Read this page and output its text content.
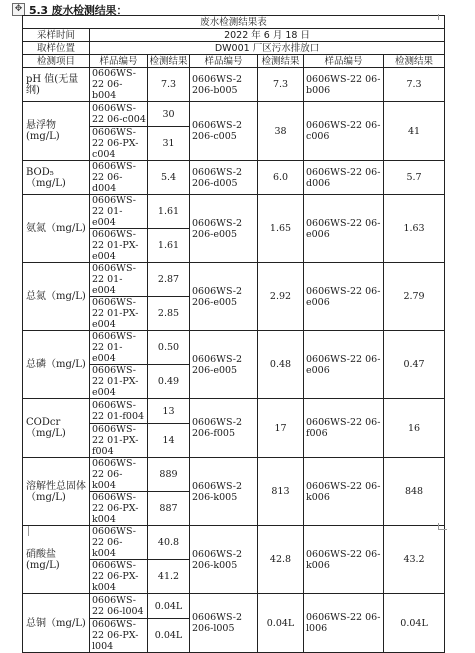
✥ 5.3 废水检测结果：
废水检测结果表						
采样时间	2022 年 6 月 18 日					
取样位置	DW001 厂区污水排放口					
检测项目	样品编号	检测结果	样品编号	检测结果	样品编号	检测结果
pH 值(无量纲)	0606WS-22 06-b004	7.3	0606WS-2 206-b005	7.3	0606WS-22 06-b006	7.3
悬浮物(mg/L)	0606WS-22 06-c004	30	0606WS-2 206-c005	38	0606WS-22 06-c006	41
	0606WS-22 06-PX-c004	31				
BOD₅（mg/L)	0606WS-22 06-d004	5.4	0606WS-2 206-d005	6.0	0606WS-22 06-d006	5.7
氨氮（mg/L)	0606WS-22 01-e004	1.61	0606WS-2 206-e005	1.65	0606WS-22 06-e006	1.63
	0606WS-22 01-PX-e004	1.61				
总氮（mg/L)	0606WS-22 01-e004	2.87	0606WS-2 206-e005	2.92	0606WS-22 06-e006	2.79
	0606WS-22 01-PX-e004	2.85				
总磷（mg/L)	0606WS-22 01-e004	0.50	0606WS-2 206-e005	0.48	0606WS-22 06-e006	0.47
	0606WS-22 01-PX-e004	0.49				
CODcr（mg/L)	0606WS-22 01-f004	13	0606WS-2 206-f005	17	0606WS-22 06-f006	16
	0606WS-22 01-PX-f004	14				
溶解性总固体（mg/L)	0606WS-22 06-k004	889	0606WS-2 206-k005	813	0606WS-22 06-k006	848
	0606WS-22 06-PX-k004	887				
硝酸盐(mg/L)	0606WS-22 06-k004	40.8	0606WS-2 206-k005	42.8	0606WS-22 06-k006	43.2
	0606WS-22 06-PX-k004	41.2				
总铜（mg/L)	0606WS-22 06-l004	0.04L	0606WS-2 206-l005	0.04L	0606WS-22 06-l006	0.04L
	0606WS-22 06-PX-l004	0.04L				
